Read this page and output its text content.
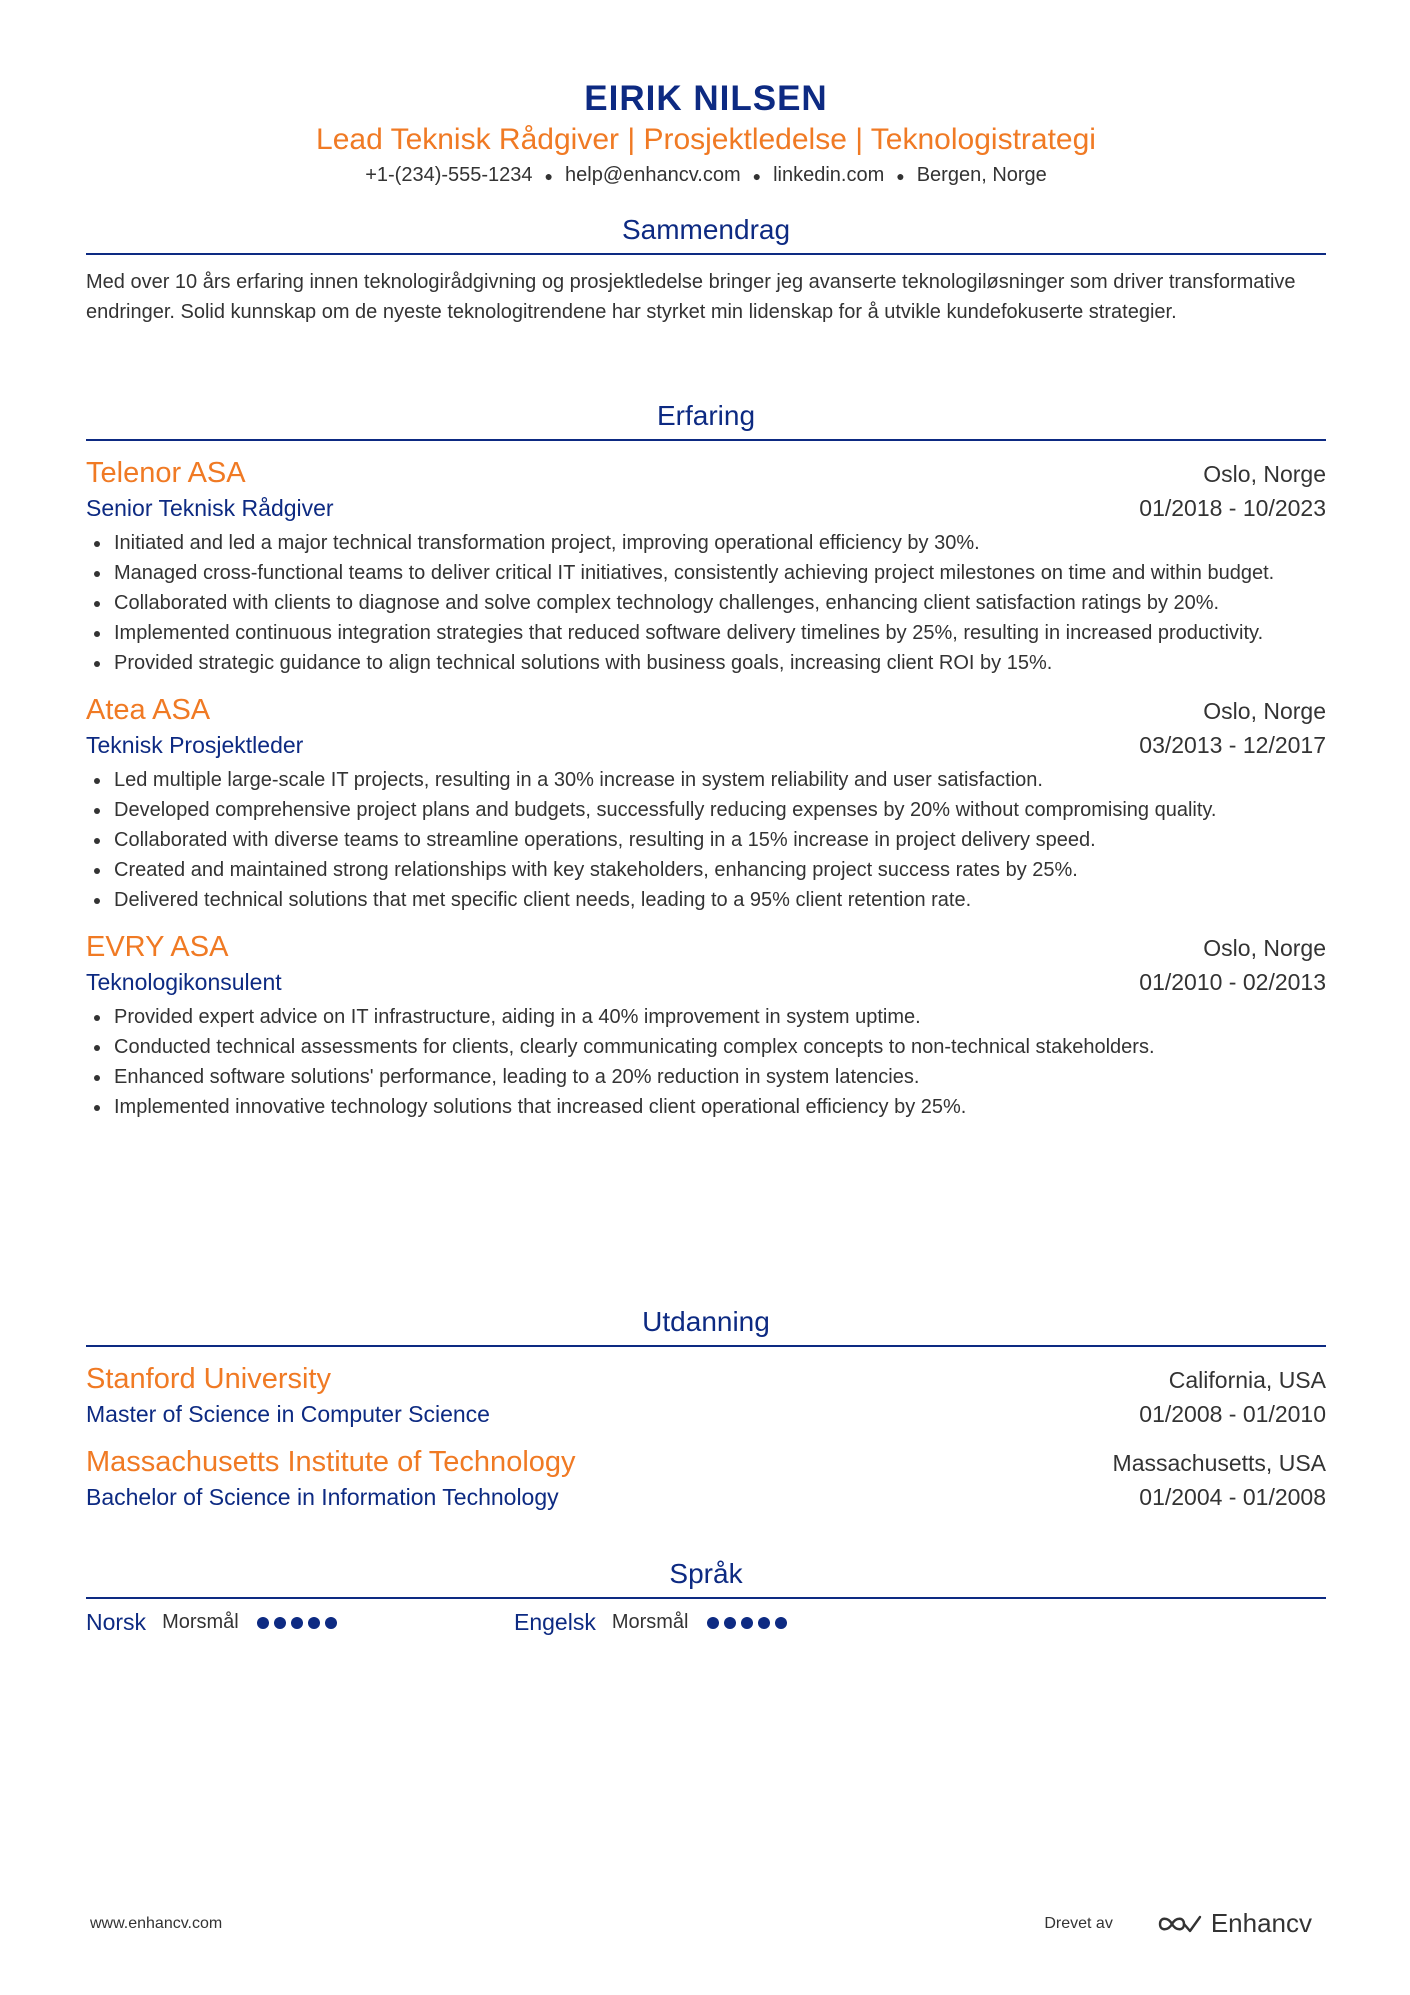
EIRIK NILSEN
Lead Teknisk Rådgiver | Prosjektledelse | Teknologistrategi
+1-(234)-555-1234 ● help@enhancv.com ● linkedin.com ● Bergen, Norge
Sammendrag
Med over 10 års erfaring innen teknologirådgivning og prosjektledelse bringer jeg avanserte teknologiløsninger som driver transformative endringer. Solid kunnskap om de nyeste teknologitrendene har styrket min lidenskap for å utvikle kundefokuserte strategier.
Erfaring
Telenor ASA	Oslo, Norge
Senior Teknisk Rådgiver	01/2018 - 10/2023
Initiated and led a major technical transformation project, improving operational efficiency by 30%.
Managed cross-functional teams to deliver critical IT initiatives, consistently achieving project milestones on time and within budget.
Collaborated with clients to diagnose and solve complex technology challenges, enhancing client satisfaction ratings by 20%.
Implemented continuous integration strategies that reduced software delivery timelines by 25%, resulting in increased productivity.
Provided strategic guidance to align technical solutions with business goals, increasing client ROI by 15%.
Atea ASA	Oslo, Norge
Teknisk Prosjektleder	03/2013 - 12/2017
Led multiple large-scale IT projects, resulting in a 30% increase in system reliability and user satisfaction.
Developed comprehensive project plans and budgets, successfully reducing expenses by 20% without compromising quality.
Collaborated with diverse teams to streamline operations, resulting in a 15% increase in project delivery speed.
Created and maintained strong relationships with key stakeholders, enhancing project success rates by 25%.
Delivered technical solutions that met specific client needs, leading to a 95% client retention rate.
EVRY ASA	Oslo, Norge
Teknologikonsulent	01/2010 - 02/2013
Provided expert advice on IT infrastructure, aiding in a 40% improvement in system uptime.
Conducted technical assessments for clients, clearly communicating complex concepts to non-technical stakeholders.
Enhanced software solutions' performance, leading to a 20% reduction in system latencies.
Implemented innovative technology solutions that increased client operational efficiency by 25%.
Utdanning
Stanford University	California, USA
Master of Science in Computer Science	01/2008 - 01/2010
Massachusetts Institute of Technology	Massachusetts, USA
Bachelor of Science in Information Technology	01/2004 - 01/2008
Språk
Norsk Morsmål	Engelsk Morsmål
www.enhancv.com	Drevet av	Enhancv
